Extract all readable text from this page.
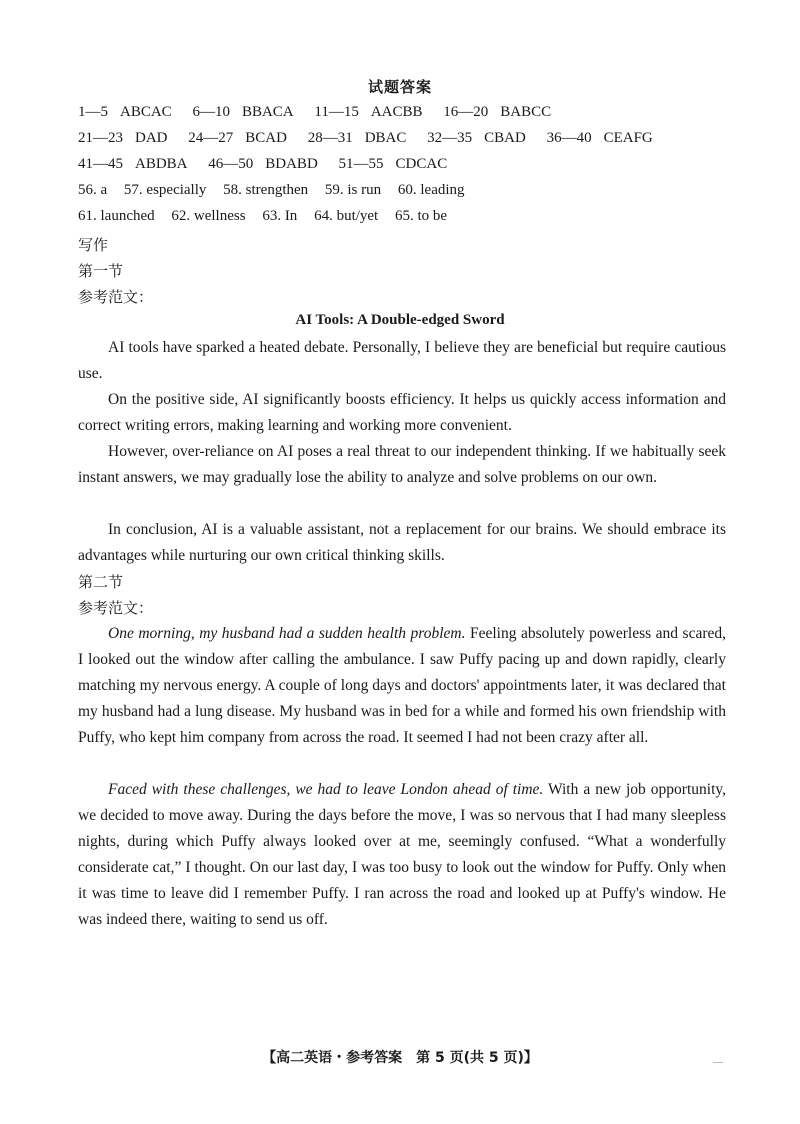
试题答案
1—5 ABCAC 6—10 BBACA 11—15 AACBB 16—20 BABCC
21—23 DAD 24—27 BCAD 28—31 DBAC 32—35 CBAD 36—40 CEAFG
41—45 ABDBA 46—50 BDABD 51—55 CDCAC
56. a 57. especially 58. strengthen 59. is run 60. leading
61. launched 62. wellness 63. In 64. but/yet 65. to be
写作
第一节
参考范文：
AI Tools: A Double-edged Sword
AI tools have sparked a heated debate. Personally, I believe they are beneficial but require cautious use.
On the positive side, AI significantly boosts efficiency. It helps us quickly access information and correct writing errors, making learning and working more convenient.
However, over-reliance on AI poses a real threat to our independent thinking. If we habitually seek instant answers, we may gradually lose the ability to analyze and solve problems on our own.
In conclusion, AI is a valuable assistant, not a replacement for our brains. We should embrace its advantages while nurturing our own critical thinking skills.
第二节
参考范文：
One morning, my husband had a sudden health problem. Feeling absolutely powerless and scared, I looked out the window after calling the ambulance. I saw Puffy pacing up and down rapidly, clearly matching my nervous energy. A couple of long days and doctors' appointments later, it was declared that my husband had a lung disease. My husband was in bed for a while and formed his own friendship with Puffy, who kept him company from across the road. It seemed I had not been crazy after all.
Faced with these challenges, we had to leave London ahead of time. With a new job opportunity, we decided to move away. During the days before the move, I was so nervous that I had many sleepless nights, during which Puffy always looked over at me, seemingly confused. “What a wonderfully considerate cat,” I thought. On our last day, I was too busy to look out the window for Puffy. Only when it was time to leave did I remember Puffy. I ran across the road and looked up at Puffy's window. He was indeed there, waiting to send us off.
【高二英语・参考答案　第 5 页(共 5 页)】
